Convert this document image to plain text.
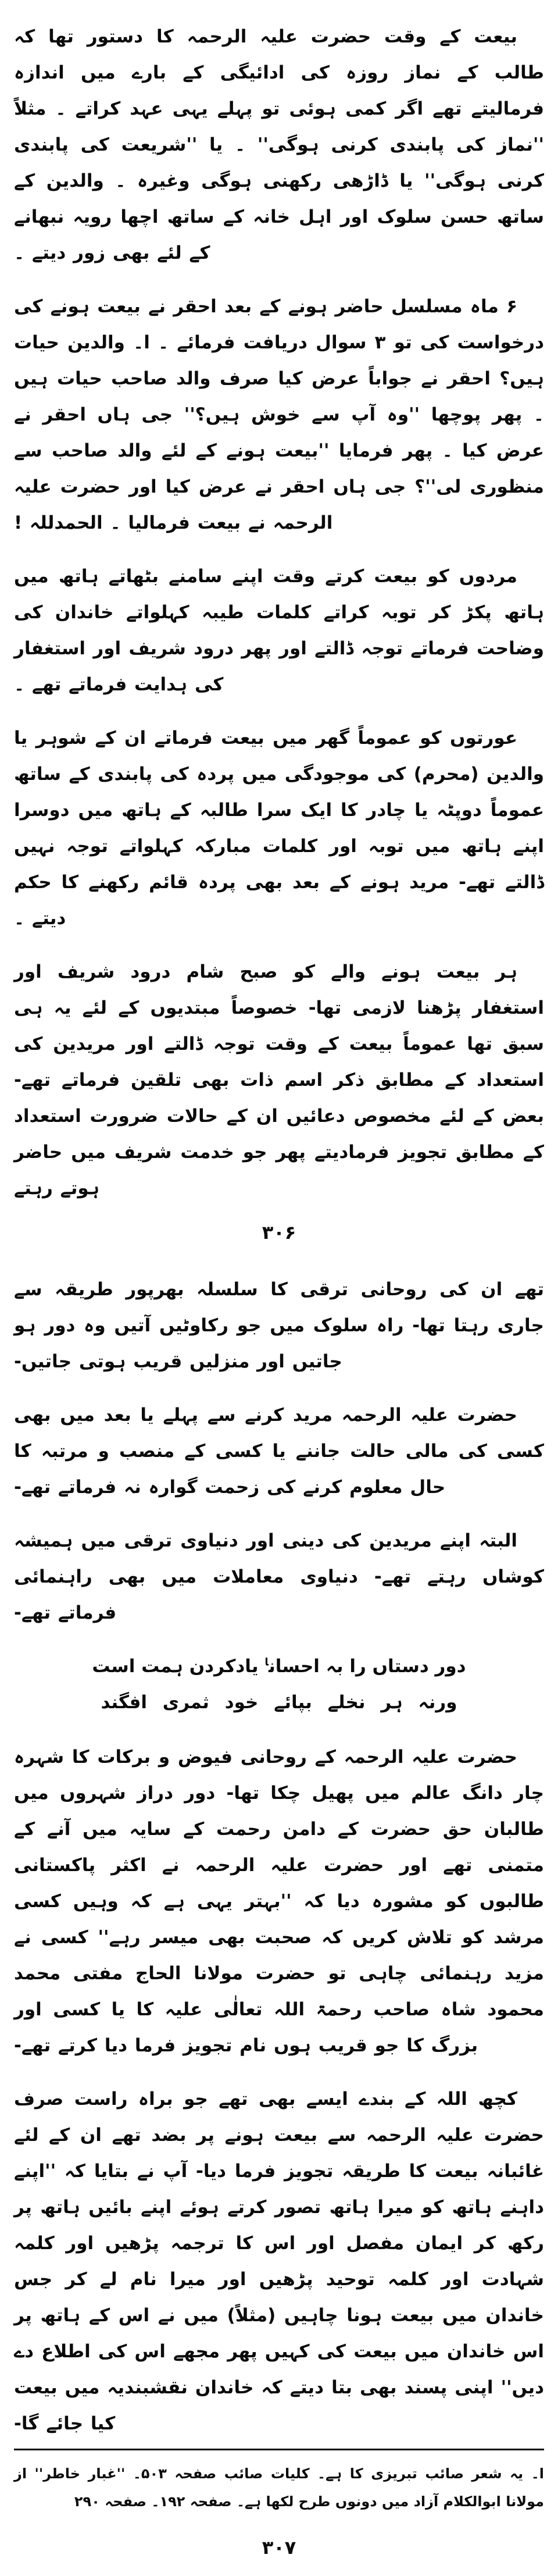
بیعت کے وقت حضرت علیہ الرحمہ کا دستور تھا کہ طالب کے نماز روزہ کی ادائیگی کے بارے میں اندازہ فرمالیتے تھے اگر کمی ہوئی تو پہلے یہی عہد کراتے ۔ مثلاً ''نماز کی پابندی کرنی ہوگی'' ۔ یا ''شریعت کی پابندی کرنی ہوگی'' یا ڈاڑھی رکھنی ہوگی وغیرہ ۔ والدین کے ساتھ حسن سلوک اور اہل خانہ کے ساتھ اچھا رویہ نبھانے کے لئے بھی زور دیتے ۔

۶ ماہ مسلسل حاضر ہونے کے بعد احقر نے بیعت ہونے کی درخواست کی تو ۳ سوال دریافت فرمائے ۔ ا۔ والدین حیات ہیں؟ احقر نے جواباً عرض کیا صرف والد صاحب حیات ہیں ۔ پھر پوچھا ''وہ آپ سے خوش ہیں؟'' جی ہاں احقر نے عرض کیا ۔ پھر فرمایا ''بیعت ہونے کے لئے والد صاحب سے منظوری لی''؟ جی ہاں احقر نے عرض کیا اور حضرت علیہ الرحمہ نے بیعت فرمالیا ۔ الحمدللہ !

مردوں کو بیعت کرتے وقت اپنے سامنے بٹھاتے ہاتھ میں ہاتھ پکڑ کر توبہ کراتے کلمات طیبہ کہلواتے خاندان کی وضاحت فرماتے توجہ ڈالتے اور پھر درود شریف اور استغفار کی ہدایت فرماتے تھے ۔

عورتوں کو عموماً گھر میں بیعت فرماتے ان کے شوہر یا والدین (محرم) کی موجودگی میں پردہ کی پابندی کے ساتھ عموماً دوپٹہ یا چادر کا ایک سرا طالبہ کے ہاتھ میں دوسرا اپنے ہاتھ میں توبہ اور کلمات مبارکہ کہلواتے توجہ نہیں ڈالتے تھے- مرید ہونے کے بعد بھی پردہ قائم رکھنے کا حکم دیتے ۔

ہر بیعت ہونے والے کو صبح شام درود شریف اور استغفار پڑھنا لازمی تھا- خصوصاً مبتدیوں کے لئے یہ ہی سبق تھا عموماً بیعت کے وقت توجہ ڈالتے اور مریدین کی استعداد کے مطابق ذکر اسم ذات بھی تلقین فرماتے تھے- بعض کے لئے مخصوص دعائیں ان کے حالات ضرورت استعداد کے مطابق تجویز فرمادیتے پھر جو خدمت شریف میں حاضر ہوتے رہتے

۳۰۶

تھے ان کی روحانی ترقی کا سلسلہ بھرپور طریقہ سے جاری رہتا تھا- راہ سلوک میں جو رکاوٹیں آتیں وہ دور ہو جاتیں اور منزلیں قریب ہوتی جاتیں-

حضرت علیہ الرحمہ مرید کرنے سے پہلے یا بعد میں بھی کسی کی مالی حالت جاننے یا کسی کے منصب و مرتبہ کا حال معلوم کرنے کی زحمت گوارہ نہ فرماتے تھے-

البتہ اپنے مریدین کی دینی اور دنیاوی ترقی میں ہمیشہ کوشاں رہتے تھے- دنیاوی معاملات میں بھی راہنمائی فرماتے تھے-

دور دستاں را بہ احسان$^ا$ یادکردن ہمت است
ورنہ ہر نخلے بپائے خود ثمری افگند

حضرت علیہ الرحمہ کے روحانی فیوض و برکات کا شہرہ چار دانگ عالم میں پھیل چکا تھا- دور دراز شہروں میں طالبان حق حضرت کے دامن رحمت کے سایہ میں آنے کے متمنی تھے اور حضرت علیہ الرحمہ نے اکثر پاکستانی طالبوں کو مشورہ دیا کہ ''بہتر یہی ہے کہ وہیں کسی مرشد کو تلاش کریں کہ صحبت بھی میسر رہے'' کسی نے مزید رہنمائی چاہی تو حضرت مولانا الحاج مفتی محمد محمود شاہ صاحب رحمۃ اللہ تعالٰی علیہ کا یا کسی اور بزرگ کا جو قریب ہوں نام تجویز فرما دیا کرتے تھے-

کچھ اللہ کے بندے ایسے بھی تھے جو براہ راست صرف حضرت علیہ الرحمہ سے بیعت ہونے پر بضد تھے ان کے لئے غائبانہ بیعت کا طریقہ تجویز فرما دیا- آپ نے بتایا کہ ''اپنے داہنے ہاتھ کو میرا ہاتھ تصور کرتے ہوئے اپنے بائیں ہاتھ پر رکھ کر ایمان مفصل اور اس کا ترجمہ پڑھیں اور کلمہ شہادت اور کلمہ توحید پڑھیں اور میرا نام لے کر جس خاندان میں بیعت ہونا چاہیں (مثلاً) میں نے اس کے ہاتھ پر اس خاندان میں بیعت کی کہیں پھر مجھے اس کی اطلاع دے دیں'' اپنی پسند بھی بتا دیتے کہ خاندان نقشبندیہ میں بیعت کیا جائے گا-

ا۔ یہ شعر صائب تبریزی کا ہے۔ کلیات صائب صفحہ ۵۰۳۔ ''غبار خاطر'' از مولانا ابوالکلام آزاد میں دونوں طرح لکھا ہے۔ صفحہ ۱۹۲۔ صفحہ ۲۹۰

۳۰۷
